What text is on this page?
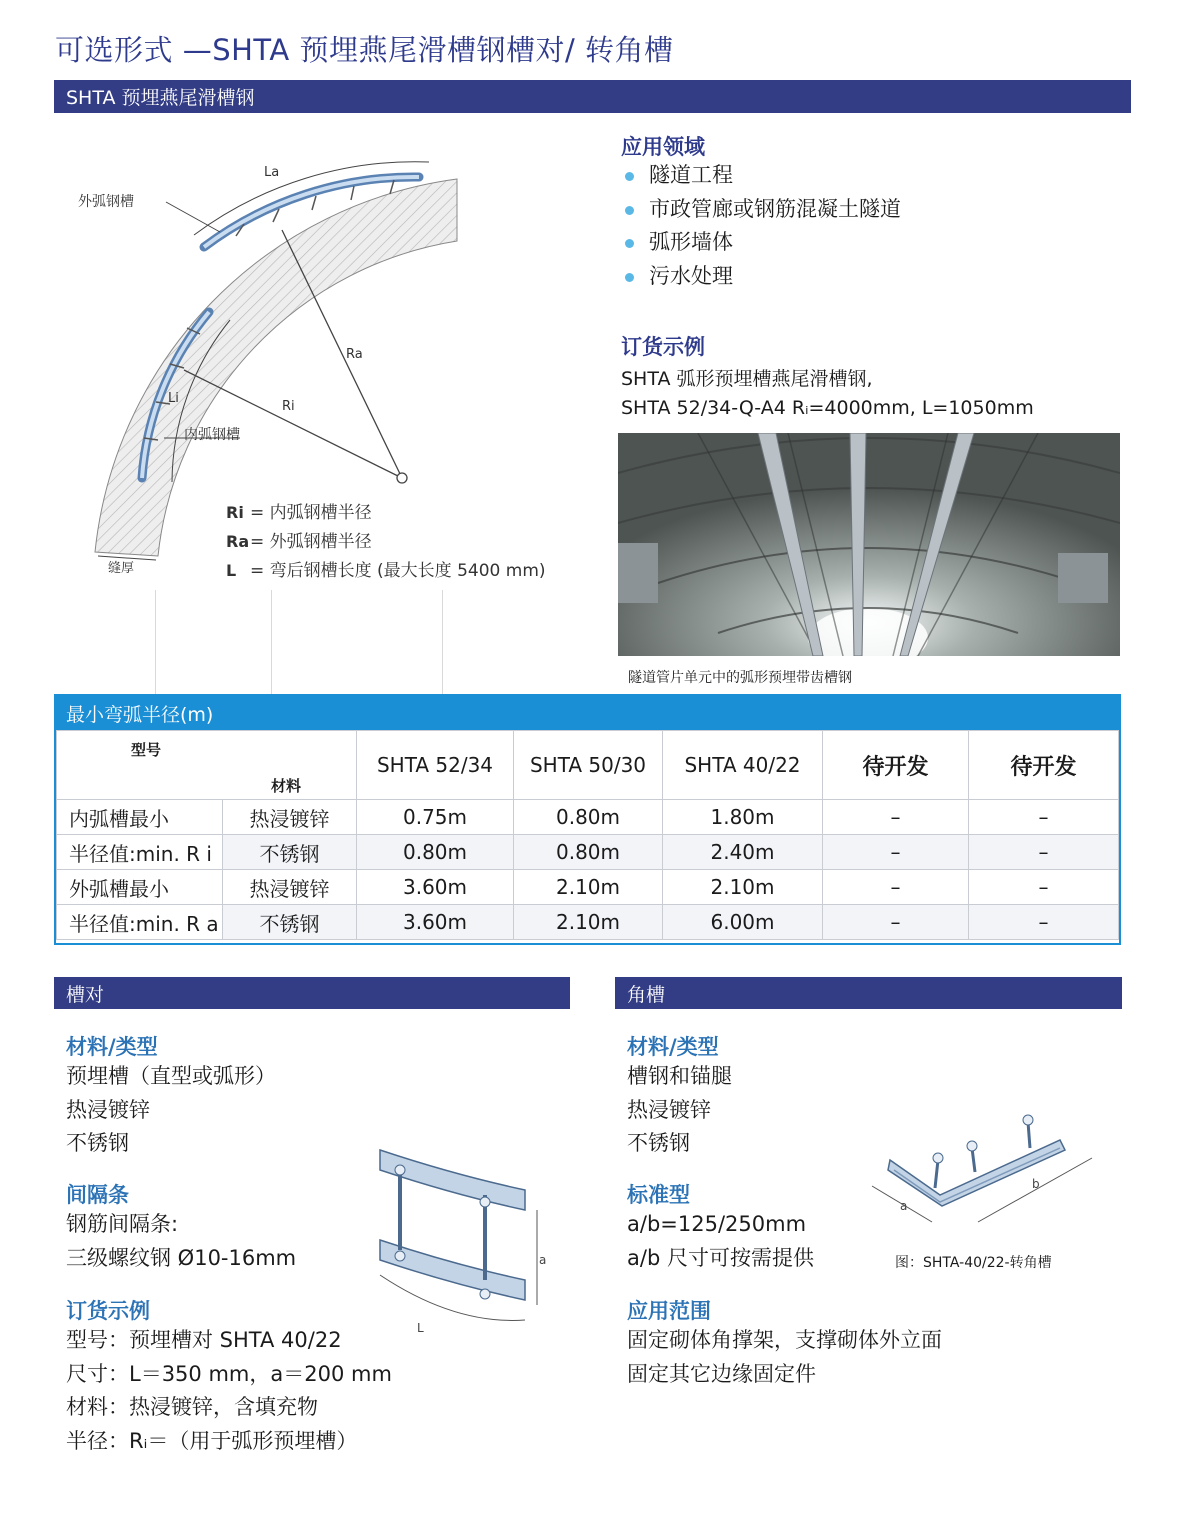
可选形式 —SHTA 预埋燕尾滑槽钢槽对/ 转角槽
SHTA 预埋燕尾滑槽钢
外弧钢槽
内弧钢槽
La
Li
Ra
Ri
缝厚
Ri = 内弧钢槽半径
Ra = 外弧钢槽半径
L = 弯后钢槽长度 (最大长度 5400 mm)
应用领域
隧道工程
市政管廊或钢筋混凝土隧道
弧形墙体
污水处理
订货示例
SHTA 弧形预埋槽燕尾滑槽钢,
SHTA 52/34-Q-A4 Rᵢ=4000mm, L=1050mm
隧道管片单元中的弧形预埋带齿槽钢
最小弯弧半径(m)
型号
材料		SHTA 52/34	SHTA 50/30	SHTA 40/22	待开发	待开发
内弧槽最小	热浸镀锌	0.75m	0.80m	1.80m	–	–
半径值:min. R i	不锈钢	0.80m	0.80m	2.40m	–	–
外弧槽最小	热浸镀锌	3.60m	2.10m	2.10m	–	–
半径值:min. R a	不锈钢	3.60m	2.10m	6.00m	–	–
槽对
材料/类型
预埋槽（直型或弧形）
热浸镀锌
不锈钢
间隔条
钢筋间隔条:
三级螺纹钢 Ø10-16mm
订货示例
型号：预埋槽对 SHTA 40/22
尺寸：L＝350 mm，a＝200 mm
材料：热浸镀锌，含填充物
半径：Rᵢ＝（用于弧形预埋槽）
a
L
角槽
材料/类型
槽钢和锚腿
热浸镀锌
不锈钢
标准型
a/b=125/250mm
a/b 尺寸可按需提供
应用范围
固定砌体角撑架，支撑砌体外立面
固定其它边缘固定件
a
b
图：SHTA-40/22-转角槽
